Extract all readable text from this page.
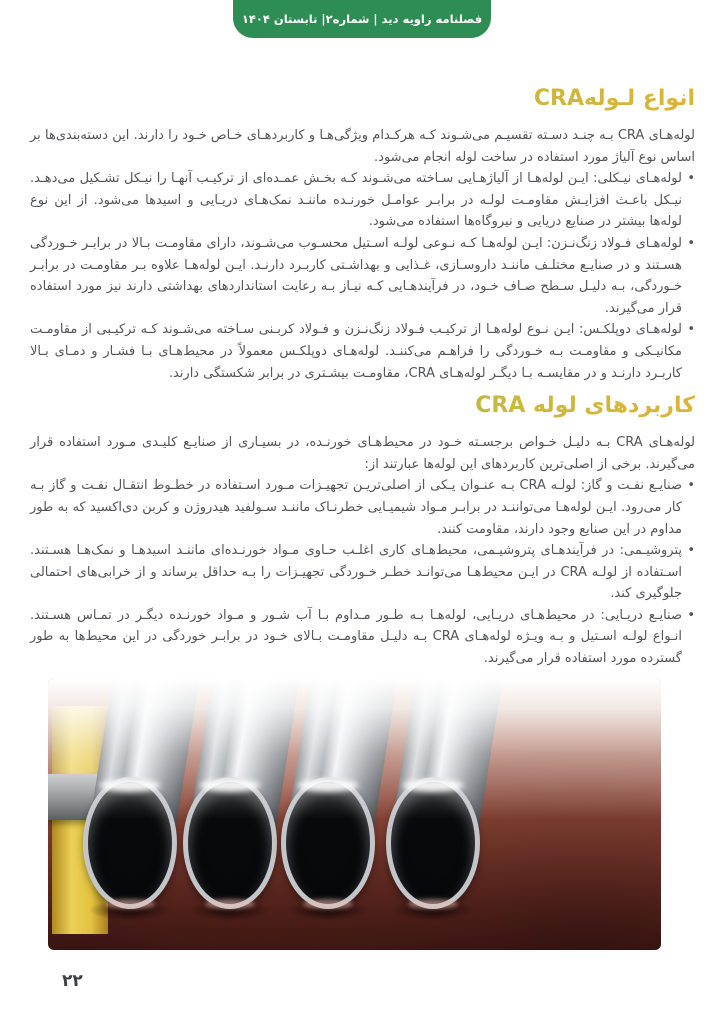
فصلنامه زاویه دید | شماره۲| تابستان ۱۴۰۴
انواع لـولهCRA

لوله‌هـای CRA بـه چنـد دسـته تقسیـم می‌شـوند کـه هرکـدام ویژگی‌هـا و کاربردهـای خـاص خـود را دارند. این دسته‌بندی‌ها بر اساس نوع آلیاژ مورد استفاده در ساخت لوله انجام می‌شود.

• لوله‌هـای نیـکلی: ایـن لوله‌هـا از آلیاژهـایی سـاخته می‌شـوند کـه بخـش عمـده‌ای از ترکیـب آنهـا را نیـکل تشـکیل می‌دهـد. نیـکل باعـث افزایـش مقاومـت لولـه در برابـر عوامـل خورنـده ماننـد نمک‌هـای دریـایی و اسیدها می‌شود. از این نوع لوله‌ها بیشتر در صنایع دریایی و نیروگاه‌ها استفاده می‌شود.
• لوله‌هـای فـولاد زنگ‌نـزن: ایـن لوله‌هـا کـه نـوعی لولـه اسـتیل محسـوب می‌شـوند، دارای مقاومـت بـالا در برابـر خـوردگی هسـتند و در صنایـع مختلـف ماننـد داروسـازی، غـذایی و بهداشـتی کاربـرد دارنـد. ایـن لوله‌هـا علاوه بـر مقاومـت در برابـر خـوردگی، بـه دلیـل سـطح صـاف خـود، در فرآیندهـایی کـه نیـاز بـه رعایت استانداردهای بهداشتی دارند نیز مورد استفاده قرار می‌گیرند.
• لوله‌هـای دوپلکـس: ایـن نـوع لوله‌هـا از ترکیـب فـولاد زنگ‌نـزن و فـولاد کربـنی سـاخته می‌شـوند کـه ترکیـبی از مقاومـت مکانیـکی و مقاومـت بـه خـوردگی را فراهـم می‌کننـد. لوله‌هـای دوپلکـس معمولاً در محیط‌هـای بـا فشـار و دمـای بـالا کاربـرد دارنـد و در مقایسـه بـا دیگـر لوله‌هـای CRA، مقاومـت بیشـتری در برابر شکستگی دارند.
کاربردهای لوله CRA

لوله‌هـای CRA بـه دلیـل خـواص برجسـته خـود در محیط‌هـای خورنـده، در بسیـاری از صنایـع کلیـدی مـورد استفاده قرار می‌گیرند. برخی از اصلی‌ترین کاربردهای این لوله‌ها عبارتند از:

• صنایـع نفـت و گاز: لولـه CRA بـه عنـوان یـکی از اصلی‌تریـن تجهیـزات مـورد اسـتفاده در خطـوط انتقـال نفـت و گاز بـه کار می‌رود. ایـن لوله‌هـا می‌تواننـد در برابـر مـواد شیمیـایی خطرنـاک ماننـد سـولفید هیدروژن و کربن دی‌اکسید که به طور مداوم در این صنایع وجود دارند، مقاومت کنند.
• پتروشیـمی: در فرآیندهـای پتروشیـمی، محیط‌هـای کاری اغلـب حـاوی مـواد خورنـده‌ای ماننـد اسیدهـا و نمک‌هـا هسـتند. اسـتفاده از لولـه CRA در ایـن محیط‌هـا می‌توانـد خطـر خـوردگی تجهیـزات را بـه حداقل برساند و از خرابی‌های احتمالی جلوگیری کند.
• صنایـع دریـایی: در محیط‌هـای دریـایی، لوله‌هـا بـه طـور مـداوم بـا آب شـور و مـواد خورنـده دیگـر در تمـاس هسـتند. انـواع لولـه اسـتیل و بـه ویـژه لوله‌هـای CRA بـه دلیـل مقاومـت بـالای خـود در برابـر خوردگی در این محیط‌ها به طور گسترده مورد استفاده قرار می‌گیرند.
۲۲
